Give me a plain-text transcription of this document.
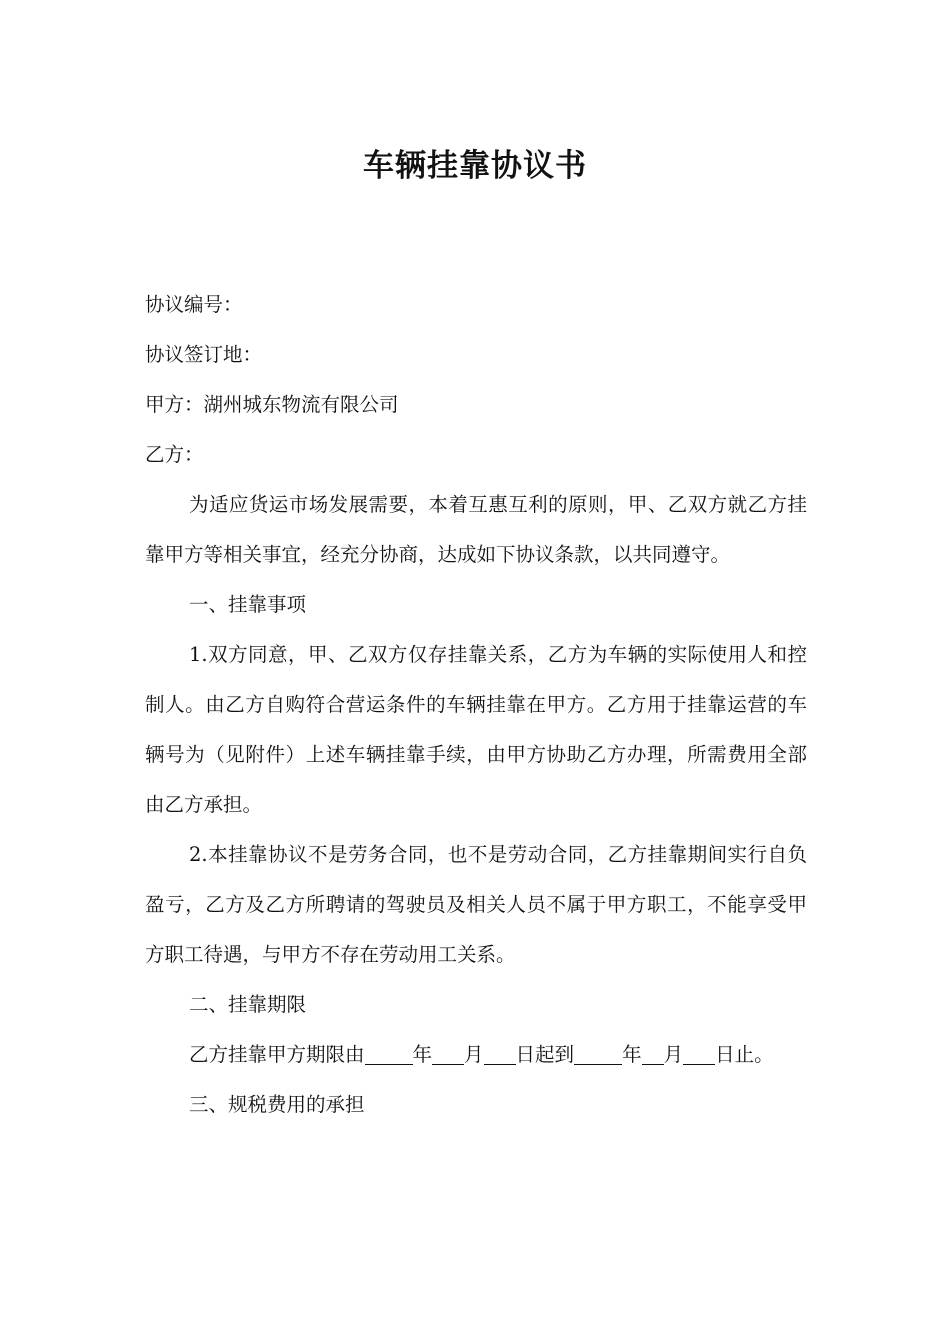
车辆挂靠协议书

协议编号：

协议签订地：

甲方：湖州城东物流有限公司

乙方：

为适应货运市场发展需要，本着互惠互利的原则，甲、乙双方就乙方挂靠甲方等相关事宜，经充分协商，达成如下协议条款，以共同遵守。

一、挂靠事项

1.双方同意，甲、乙双方仅存挂靠关系，乙方为车辆的实际使用人和控制人。由乙方自购符合营运条件的车辆挂靠在甲方。乙方用于挂靠运营的车辆号为（见附件）上述车辆挂靠手续，由甲方协助乙方办理，所需费用全部由乙方承担。

2.本挂靠协议不是劳务合同，也不是劳动合同，乙方挂靠期间实行自负盈亏，乙方及乙方所聘请的驾驶员及相关人员不属于甲方职工，不能享受甲方职工待遇，与甲方不存在劳动用工关系。

二、挂靠期限

乙方挂靠甲方期限由 年 月 日起到 年 月 日止。

三、规税费用的承担
